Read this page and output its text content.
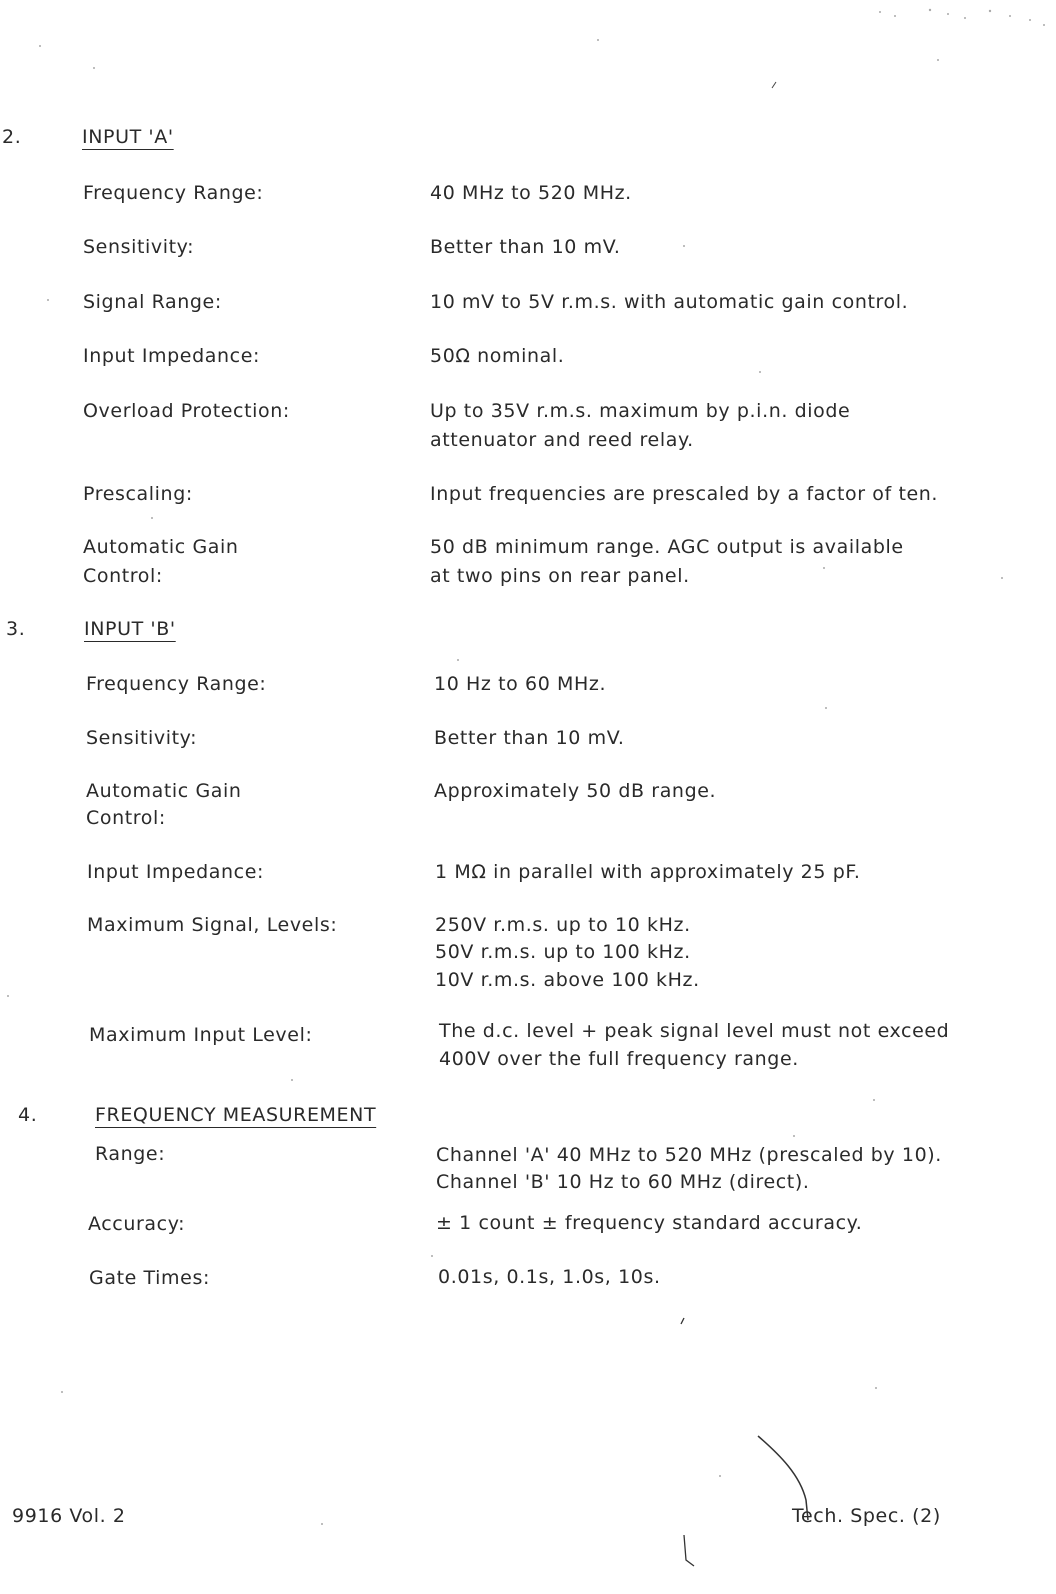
2.	INPUT 'A'
Frequency Range:	40 MHz to 520 MHz.
Sensitivity:	Better than 10 mV.
Signal Range:	10 mV to 5V r.m.s. with automatic gain control.
Input Impedance:	50Ω nominal.
Overload Protection:	Up to 35V r.m.s. maximum by p.i.n. diode
attenuator and reed relay.
Prescaling:	Input frequencies are prescaled by a factor of ten.
Automatic Gain
Control:
50 dB minimum range. AGC output is available
at two pins on rear panel.
3.	INPUT 'B'
Frequency Range:	10 Hz to 60 MHz.
Sensitivity:	Better than 10 mV.
Automatic Gain
Control:
Approximately 50 dB range.
Input Impedance:	1 MΩ in parallel with approximately 25 pF.
Maximum Signal, Levels:	250V r.m.s. up to 10 kHz.
50V r.m.s. up to 100 kHz.
10V r.m.s. above 100 kHz.
Maximum Input Level:	The d.c. level + peak signal level must not exceed
400V over the full frequency range.
4.	FREQUENCY MEASUREMENT
Range:	Channel 'A' 40 MHz to 520 MHz (prescaled by 10).
Channel 'B' 10 Hz to 60 MHz (direct).
Accuracy:	± 1 count ± frequency standard accuracy.
Gate Times:	0.01s, 0.1s, 1.0s, 10s.
9916 Vol. 2	Tech. Spec. (2)
